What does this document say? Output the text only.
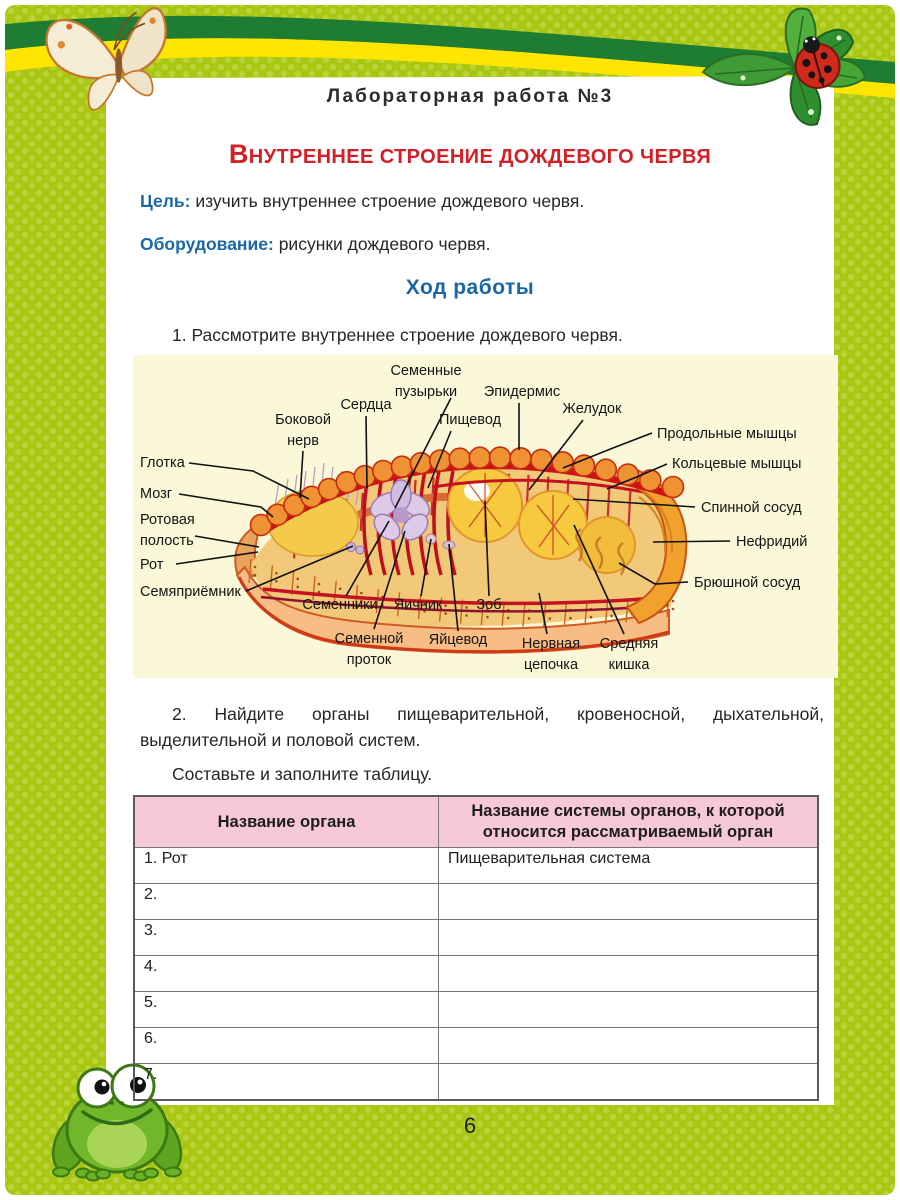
Лабораторная работа №3
ВНУТРЕННЕЕ СТРОЕНИЕ ДОЖДЕВОГО ЧЕРВЯ
Цель: изучить внутреннее строение дождевого червя.
Оборудование: рисунки дождевого червя.
Ход работы
1. Рассмотрите внутреннее строение дождевого червя.
Семенные пузырьки	Эпидермис
Сердца
Пищевод
Желудок
Боковой нерв	Продольные мышцы
Кольцевые мышцы
Глотка
Мозг
Спинной сосуд
Ротовая полость	Нефридий
Рот
Брюшной сосуд
Семяприёмник
Семенники Яичник Зоб
Семенной проток
Яйцевод Нервная цепочка
Средняя кишка
2. Найдите органы пищеварительной, кровеносной, дыхательной, выделительной и половой систем.
Составьте и заполните таблицу.
Название органа	Название системы органов, к которой относится рассматриваемый орган
1. Рот	Пищеварительная система
2.	
3.	
4.	
5.	
6.	
7.	
6
